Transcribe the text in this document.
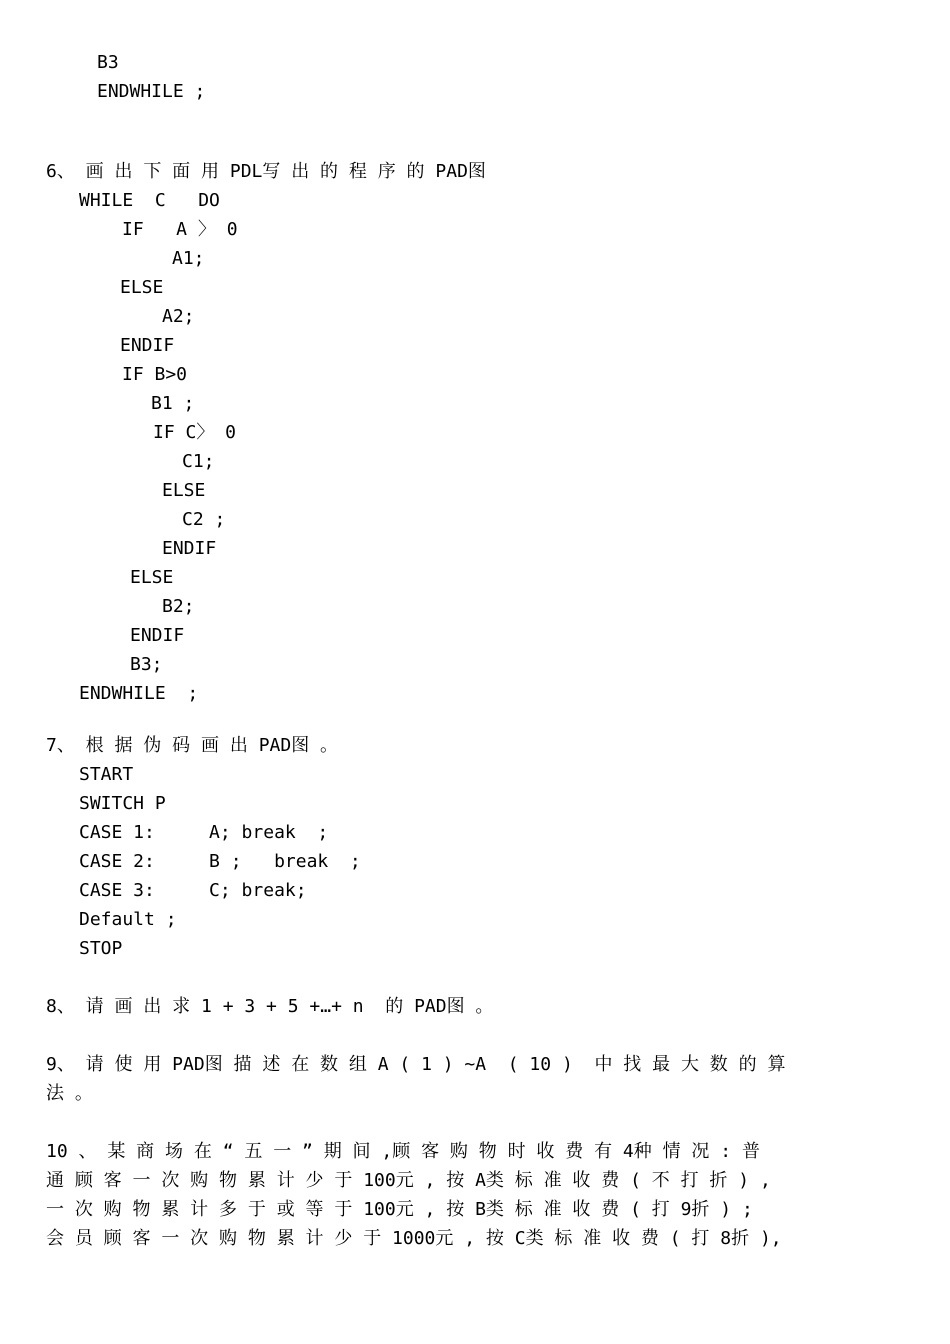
B3
ENDWHILE ;
6、 画 出 下 面 用 PDL写 出 的 程 序 的 PAD图
WHILE  C   DO
IF   A 〉 0
A1;
ELSE
A2;
ENDIF
IF B>0
B1 ;
IF C〉 0
C1;
ELSE
C2 ;
ENDIF
ELSE
B2;
ENDIF
B3;
ENDWHILE  ;
7、 根 据 伪 码 画 出 PAD图 。
START
SWITCH P
CASE 1:     A; break  ;
CASE 2:     B ;   break  ;
CASE 3:     C; break;
Default ;
STOP
8、 请 画 出 求 1 + 3 + 5 +…+ n  的 PAD图 。
9、 请 使 用 PAD图 描 述 在 数 组 A ( 1 ) ~A  ( 10 )  中 找 最 大 数 的 算
法 。
10 、 某 商 场 在 “ 五 一 ” 期 间 ,顾 客 购 物 时 收 费 有 4种 情 况 : 普
通 顾 客 一 次 购 物 累 计 少 于 100元 , 按 A类 标 准 收 费 ( 不 打 折 ) ,
一 次 购 物 累 计 多 于 或 等 于 100元 , 按 B类 标 准 收 费 ( 打 9折 ) ;
会 员 顾 客 一 次 购 物 累 计 少 于 1000元 , 按 C类 标 准 收 费 ( 打 8折 ),
